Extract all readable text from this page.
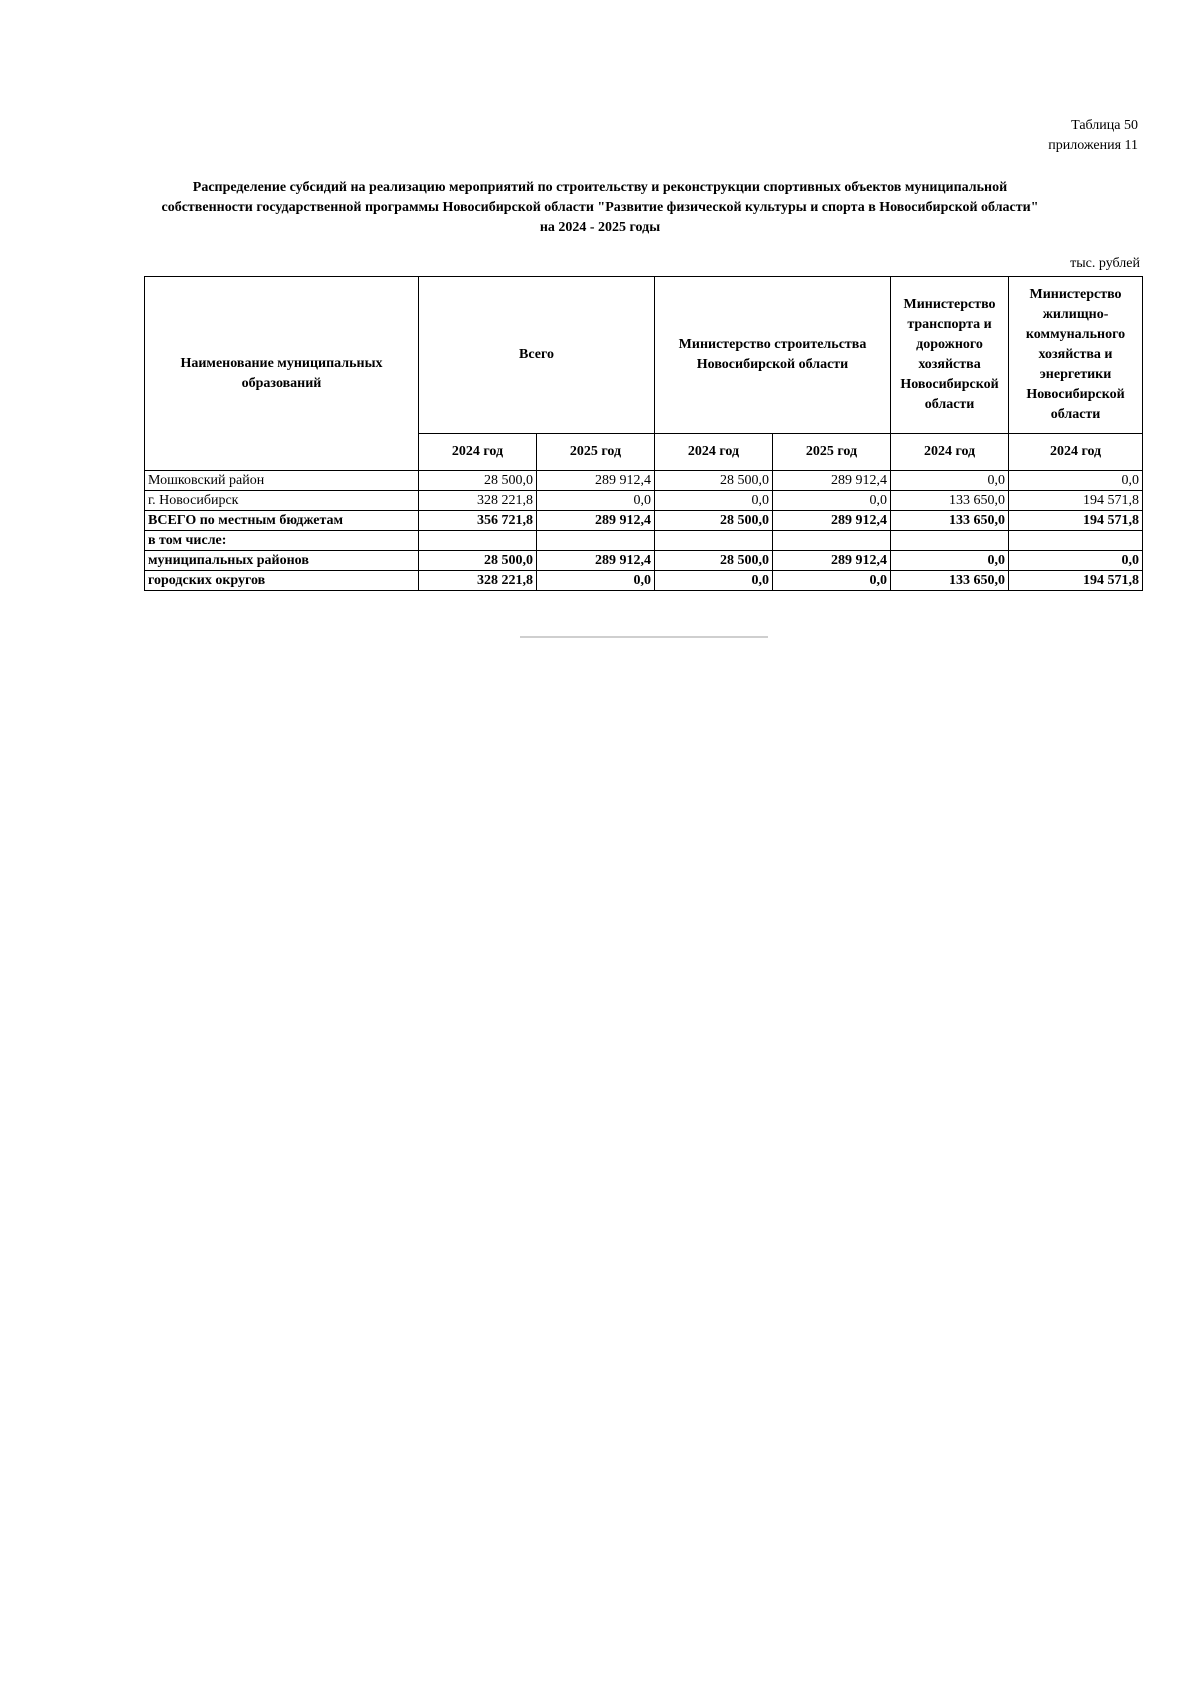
Таблица 50
приложения 11
Распределение субсидий на реализацию мероприятий по строительству и реконструкции спортивных объектов муниципальной
собственности государственной программы Новосибирской области "Развитие физической культуры и спорта в Новосибирской области"
на 2024 - 2025 годы
тыс. рублей
Наименование муниципальных образований	Всего		Министерство строительства Новосибирской области		Министерство транспорта и дорожного хозяйства Новосибирской области	Министерство жилищно-коммунального хозяйства и энергетики Новосибирской области
	2024 год	2025 год	2024 год	2025 год	2024 год	2024 год
Мошковский район	28 500,0	289 912,4	28 500,0	289 912,4	0,0	0,0
г. Новосибирск	328 221,8	0,0	0,0	0,0	133 650,0	194 571,8
ВСЕГО по местным бюджетам	356 721,8	289 912,4	28 500,0	289 912,4	133 650,0	194 571,8
в том числе:						
муниципальных районов	28 500,0	289 912,4	28 500,0	289 912,4	0,0	0,0
городских округов	328 221,8	0,0	0,0	0,0	133 650,0	194 571,8
